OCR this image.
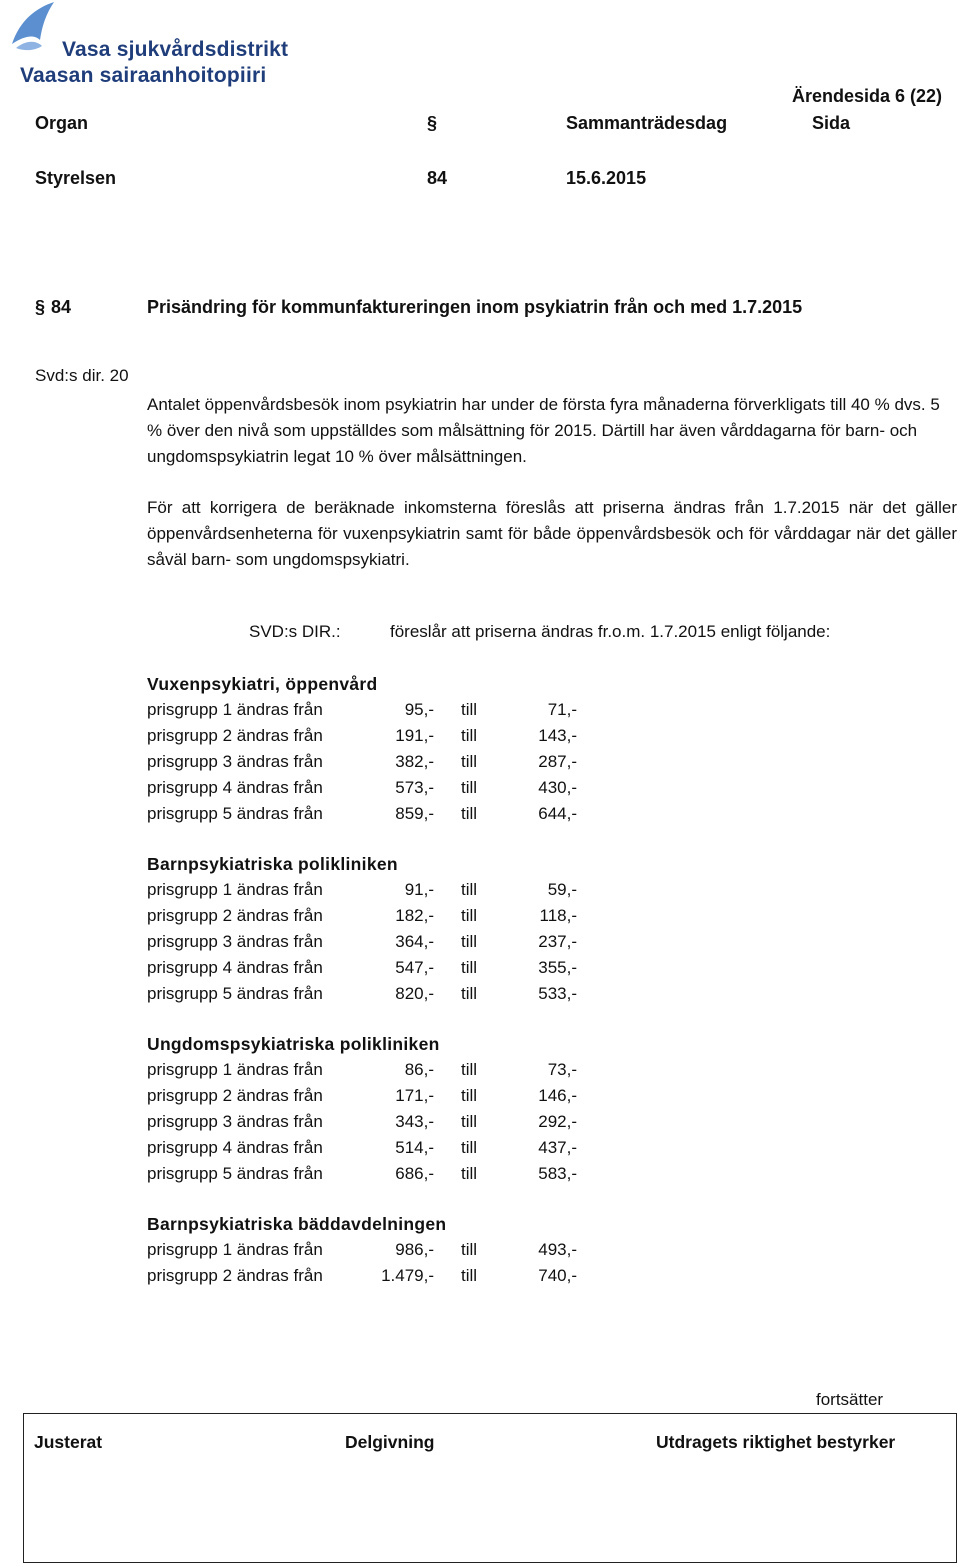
Vasa sjukvårdsdistrikt
Vaasan sairaanhoitopiiri
Ärendesida 6 (22)
Organ	§	Sammanträdesdag	Sida
Styrelsen	84	15.6.2015
§ 84	Prisändring för kommunfaktureringen inom psykiatrin från och med 1.7.2015
Svd:s dir. 20
Antalet öppenvårdsbesök inom psykiatrin har under de första fyra månaderna förverkligats till 40 % dvs. 5 % över den nivå som uppställdes som målsättning för 2015. Därtill har även vårddagarna för barn- och ungdomspsykiatrin legat 10 % över målsättningen.
För att korrigera de beräknade inkomsterna föreslås att priserna ändras från 1.7.2015 när det gäller öppenvårdsenheterna för vuxenpsykiatrin samt för både öppenvårdsbesök och för vårddagar när det gäller såväl barn- som ungdomspsykiatri.
SVD:s DIR.:	föreslår att priserna ändras fr.o.m. 1.7.2015 enligt följande:
Vuxenpsykiatri, öppenvård
prisgrupp 1 ändras från	95,- till	71,-
prisgrupp 2 ändras från	191,- till	143,-
prisgrupp 3 ändras från	382,- till	287,-
prisgrupp 4 ändras från	573,- till	430,-
prisgrupp 5 ändras från	859,- till	644,-
Barnpsykiatriska polikliniken
prisgrupp 1 ändras från	91,- till	59,-
prisgrupp 2 ändras från	182,- till	118,-
prisgrupp 3 ändras från	364,- till	237,-
prisgrupp 4 ändras från	547,- till	355,-
prisgrupp 5 ändras från	820,- till	533,-
Ungdomspsykiatriska polikliniken
prisgrupp 1 ändras från	86,- till	73,-
prisgrupp 2 ändras från	171,- till	146,-
prisgrupp 3 ändras från	343,- till	292,-
prisgrupp 4 ändras från	514,- till	437,-
prisgrupp 5 ändras från	686,- till	583,-
Barnpsykiatriska bäddavdelningen
prisgrupp 1 ändras från	986,- till	493,-
prisgrupp 2 ändras från	1.479,- till	740,-
fortsätter
Justerat	Delgivning	Utdragets riktighet bestyrker
